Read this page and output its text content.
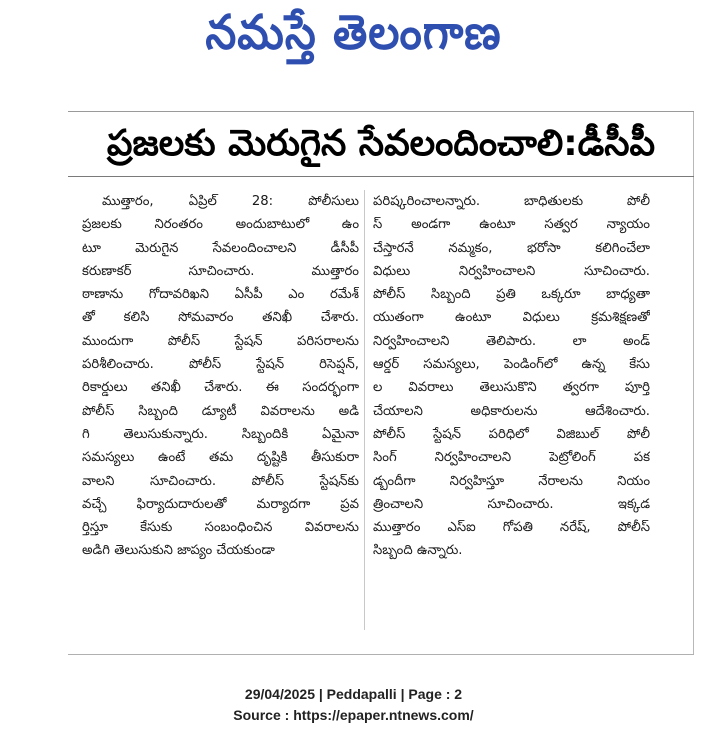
నమస్తే తెలంగాణ
ప్రజలకు మెరుగైన సేవలందించాలి:డీసీపీ

ముత్తారం, ఏప్రిల్ 28: పోలీసులు

ప్రజలకు నిరంతరం అందుబాటులో ఉం

టూ మెరుగైన సేవలందించాలని డీసీపీ

కరుణాకర్ సూచించారు. ముత్తారం

ఠాణాను గోదావరిఖని ఏసీపీ ఎం రమేశ్

తో కలిసి సోమవారం తనిఖీ చేశారు.

ముందుగా పోలీస్ స్టేషన్ పరిసరాలను

పరిశీలించారు. పోలీస్ స్టేషన్ రిసెప్షన్,

రికార్డులు తనిఖీ చేశారు. ఈ సందర్భంగా

పోలీస్ సిబ్బంది డ్యూటీ వివరాలను అడి

గి తెలుసుకున్నారు. సిబ్బందికి ఏమైనా

సమస్యలు ఉంటే తమ దృష్టికి తీసుకురా

వాలని సూచించారు. పోలీస్ స్టేషన్‌కు

వచ్చే ఫిర్యాదుదారులతో మర్యాదగా ప్రవ

ర్తిస్తూ కేసుకు సంబంధించిన వివరాలను

అడిగి తెలుసుకుని జాప్యం చేయకుండా

పరిష్కరించాలన్నారు. బాధితులకు పోలీ

స్ అండగా ఉంటూ సత్వర న్యాయం

చేస్తారనే నమ్మకం, భరోసా కలిగించేలా

విధులు నిర్వహించాలని సూచించారు.

పోలీస్ సిబ్బంది ప్రతి ఒక్కరూ బాధ్యతా

యుతంగా ఉంటూ విధులు క్రమశిక్షణతో

నిర్వహించాలని తెలిపారు. లా అండ్

ఆర్డర్ సమస్యలు, పెండింగ్‌లో ఉన్న కేసు

ల వివరాలు తెలుసుకొని త్వరగా పూర్తి

చేయాలని అధికారులను ఆదేశించారు.

పోలీస్ స్టేషన్ పరిధిలో విజిబుల్ పోలీ

సింగ్ నిర్వహించాలని పెట్రోలింగ్ పక

డ్బందీగా నిర్వహిస్తూ నేరాలను నియం

త్రించాలని సూచించారు. ఇక్కడ

ముత్తారం ఎస్ఐ గోపతి నరేష్, పోలీస్

సిబ్బంది ఉన్నారు.

29/04/2025 | Peddapalli | Page : 2
Source : https://epaper.ntnews.com/
